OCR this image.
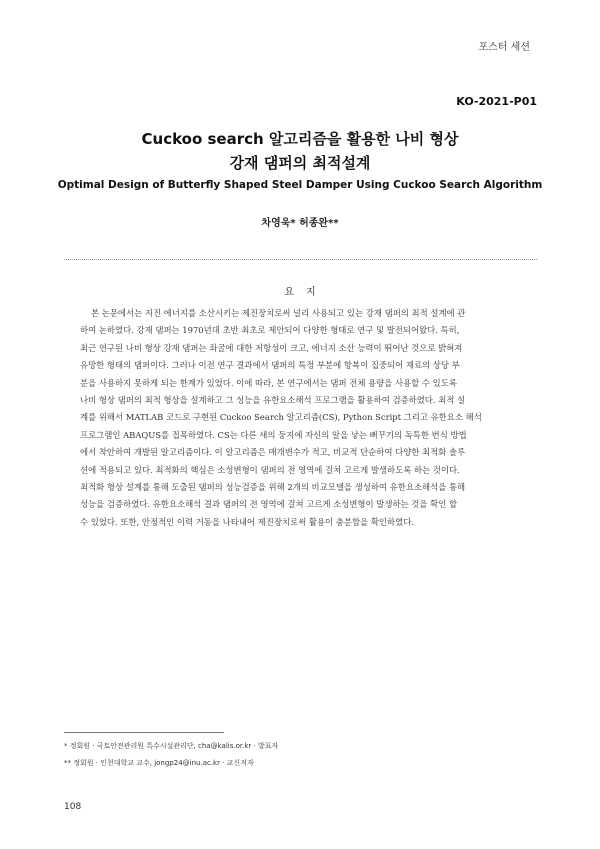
포스터 세션
KO-2021-P01
Cuckoo search 알고리즘을 활용한 나비 형상
강재 댐퍼의 최적설계
Optimal Design of Butterfly Shaped Steel Damper Using Cuckoo Search Algorithm
차영욱* 허종완**
요지
본 논문에서는 지진 에너지를 소산시키는 제진장치로써 널리 사용되고 있는 강재 댐퍼의 최적 설계에 관
하여 논하였다. 강재 댐퍼는 1970년대 초반 최초로 제안되어 다양한 형태로 연구 및 발전되어왔다. 특히,
최근 연구된 나비 형상 강재 댐퍼는 좌굴에 대한 저항성이 크고, 에너지 소산 능력이 뛰어난 것으로 밝혀져
유망한 형태의 댐퍼이다. 그러나 이전 연구 결과에서 댐퍼의 특정 부분에 항복이 집중되어 재료의 상당 부
분을 사용하지 못하게 되는 한계가 있었다. 이에 따라, 본 연구에서는 댐퍼 전체 용량을 사용할 수 있도록
나비 형상 댐퍼의 최적 형상을 설계하고 그 성능을 유한요소해석 프로그램을 활용하여 검증하였다. 최적 설
계를 위해서 MATLAB 코드로 구현된 Cuckoo Search 알고리즘(CS), Python Script 그리고 유한요소 해석
프로그램인 ABAQUS를 접목하였다. CS는 다른 새의 둥지에 자신의 알을 낳는 뻐꾸기의 독특한 번식 방법
에서 착안하여 개발된 알고리즘이다. 이 알고리즘은 매개변수가 적고, 비교적 단순하여 다양한 최적화 솔루
션에 적용되고 있다. 최적화의 핵심은 소성변형이 댐퍼의 전 영역에 걸쳐 고르게 발생하도록 하는 것이다.
최적화 형상 설계를 통해 도출된 댐퍼의 성능검증을 위해 2개의 비교모델을 생성하여 유한요소해석을 통해
성능을 검증하였다. 유한요소해석 결과 댐퍼의 전 영역에 걸쳐 고르게 소성변형이 발생하는 것을 확인 할
수 있었다. 또한, 안정적인 이력 거동을 나타내어 제진장치로써 활용이 충분함을 확인하였다.
* 정회원 · 국토안전관리원 특수시설관리단, cha@kalis.or.kr · 발표자
** 정회원 · 인천대학교 교수, jongp24@inu.ac.kr · 교신저자
108
